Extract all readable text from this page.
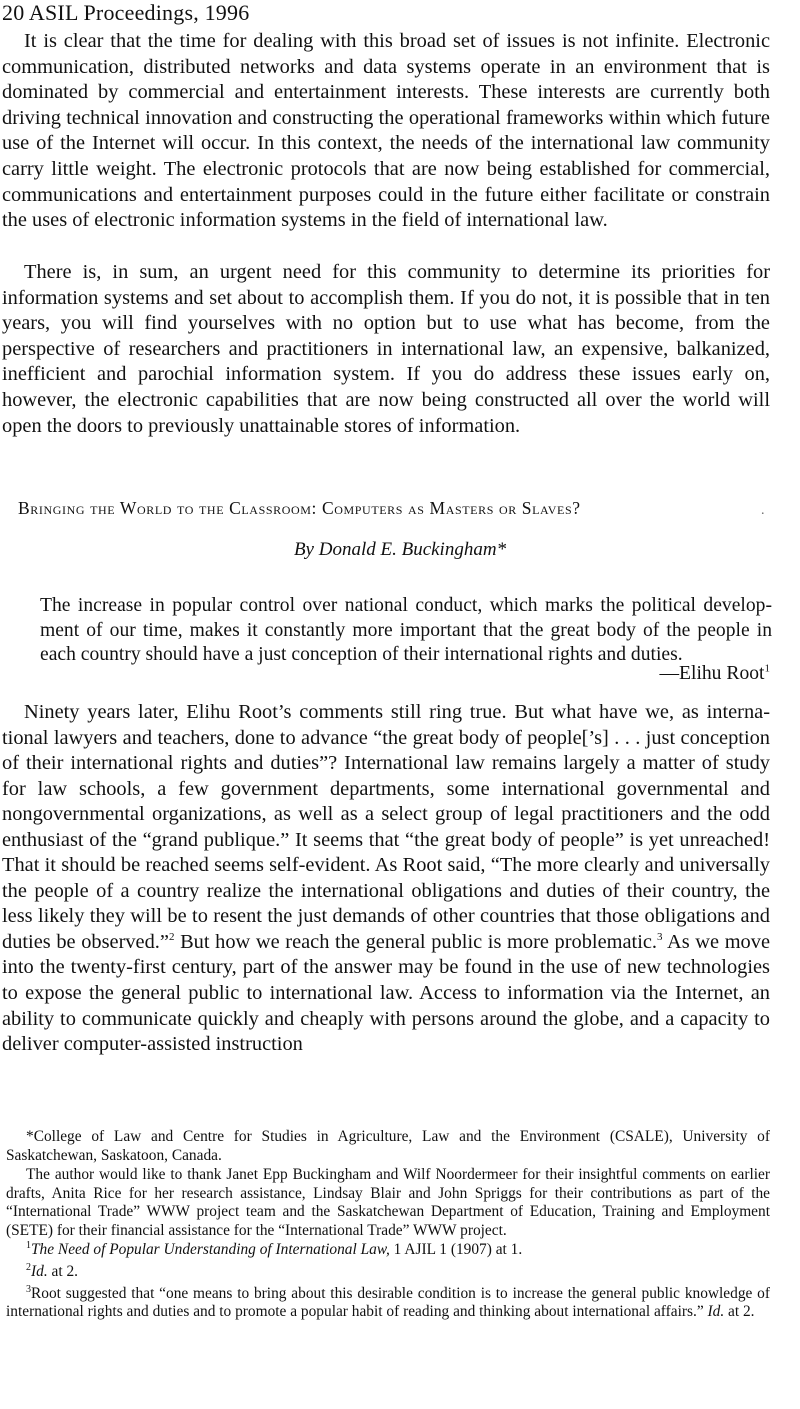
20 ASIL Proceedings, 1996

It is clear that the time for dealing with this broad set of issues is not infinite. Electronic communication, distributed networks and data systems operate in an environment that is dominated by commercial and entertainment interests. These interests are currently both driving technical innovation and constructing the operational frameworks within which future use of the Internet will occur. In this context, the needs of the international law community carry little weight. The electronic protocols that are now being established for commercial, communications and entertainment purposes could in the future either facilitate or constrain the uses of electronic information systems in the field of international law.

There is, in sum, an urgent need for this community to determine its priorities for information systems and set about to accomplish them. If you do not, it is possible that in ten years, you will find yourselves with no option but to use what has become, from the perspective of researchers and practitioners in international law, an expensive, balkanized, inefficient and parochial information system. If you do address these issues early on, however, the electronic capabilities that are now being constructed all over the world will open the doors to previously unattainable stores of information.

Bringing the World to the Classroom: Computers as Masters or Slaves?	.
By Donald E. Buckingham*

The increase in popular control over national conduct, which marks the political development of our time, makes it constantly more important that the great body of the people in each country should have a just conception of their international rights and duties.

—Elihu Root$^1$

Ninety years later, Elihu Root’s comments still ring true. But what have we, as international lawyers and teachers, done to advance “the great body of people[’s] . . . just conception of their international rights and duties”? International law remains largely a matter of study for law schools, a few government departments, some international governmental and nongovernmental organizations, as well as a select group of legal practitioners and the odd enthusiast of the “grand publique.” It seems that “the great body of people” is yet unreached! That it should be reached seems self-evident. As Root said, “The more clearly and universally the people of a country realize the international obligations and duties of their country, the less likely they will be to resent the just demands of other countries that those obligations and duties be observed.”$^2$ But how we reach the general public is more problematic.$^3$ As we move into the twenty-first century, part of the answer may be found in the use of new technologies to expose the general public to international law. Access to information via the Internet, an ability to communicate quickly and cheaply with persons around the globe, and a capacity to deliver computer-assisted instruction

*College of Law and Centre for Studies in Agriculture, Law and the Environment (CSALE), University of Saskatchewan, Saskatoon, Canada.

The author would like to thank Janet Epp Buckingham and Wilf Noordermeer for their insightful comments on earlier drafts, Anita Rice for her research assistance, Lindsay Blair and John Spriggs for their contributions as part of the “International Trade” WWW project team and the Saskatchewan Department of Education, Training and Employment (SETE) for their financial assistance for the “International Trade” WWW project.

$^1$The Need of Popular Understanding of International Law, 1 AJIL 1 (1907) at 1.

$^2$Id. at 2.

$^3$Root suggested that “one means to bring about this desirable condition is to increase the general public knowledge of international rights and duties and to promote a popular habit of reading and thinking about international affairs.” Id. at 2.
